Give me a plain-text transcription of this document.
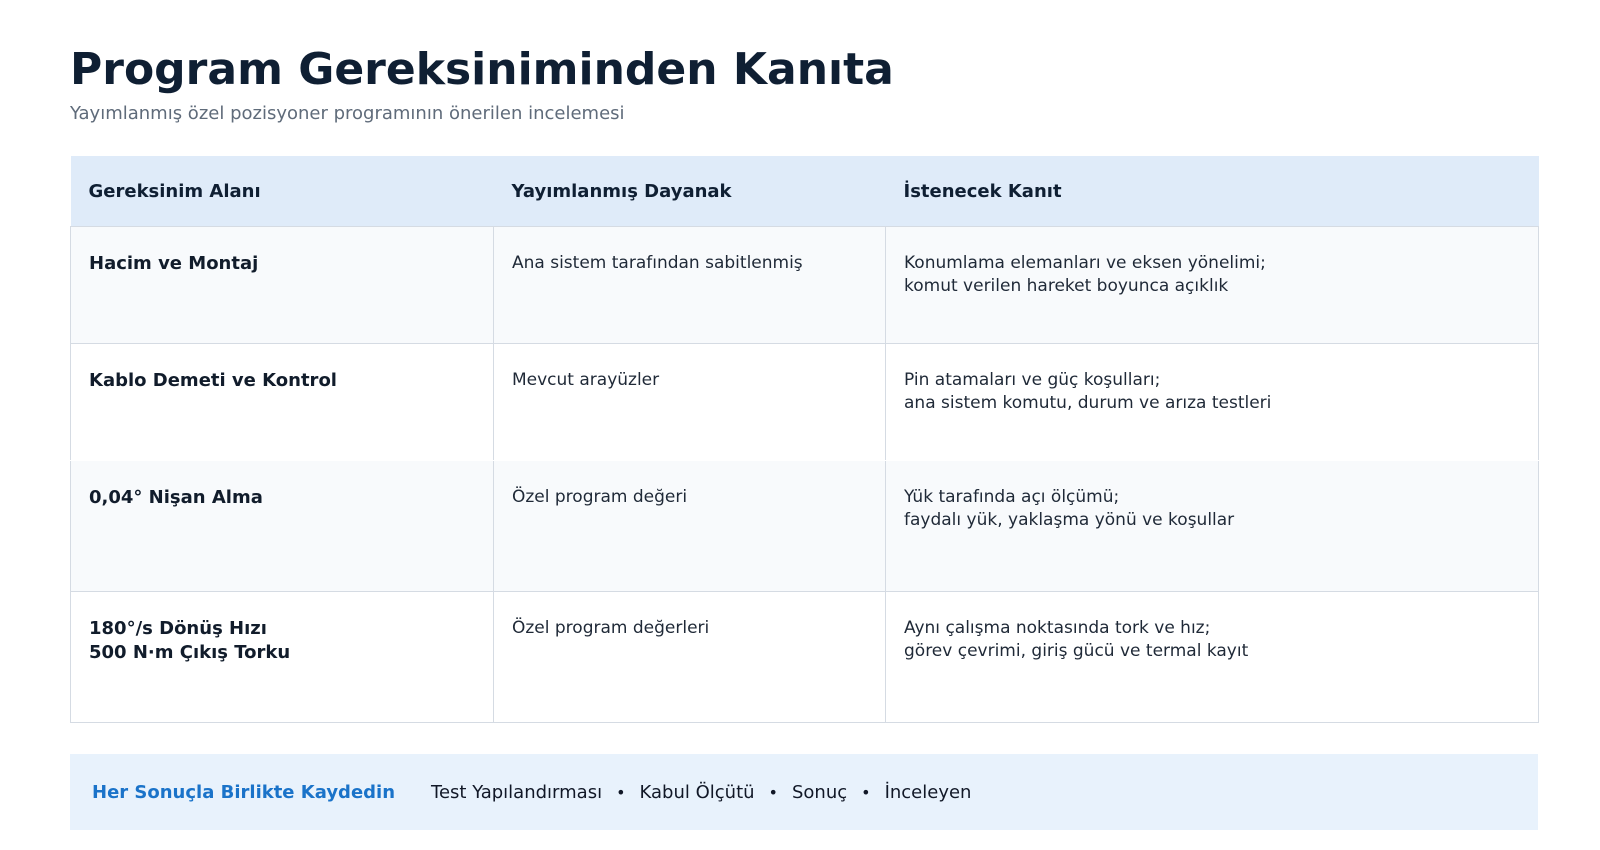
Program Gereksiniminden Kanıta

Yayımlanmış özel pozisyoner programının önerilen incelemesi

Gereksinim Alanı	Yayımlanmış Dayanak	İstenecek Kanıt

Hacim ve Montaj	Ana sistem tarafından sabitlenmiş	Konumlama elemanları ve eksen yönelimi;
komut verilen hareket boyunca açıklık

Kablo Demeti ve Kontrol	Mevcut arayüzler	Pin atamaları ve güç koşulları;
ana sistem komutu, durum ve arıza testleri

0,04° Nişan Alma	Özel program değeri	Yük tarafında açı ölçümü;
faydalı yük, yaklaşma yönü ve koşullar

180°/s Dönüş Hızı
500 N·m Çıkış Torku	Özel program değerleri	Aynı çalışma noktasında tork ve hız;
görev çevrimi, giriş gücü ve termal kayıt
Her Sonuçla Birlikte Kaydedin Test Yapılandırması • Kabul Ölçütü • Sonuç • İnceleyen
